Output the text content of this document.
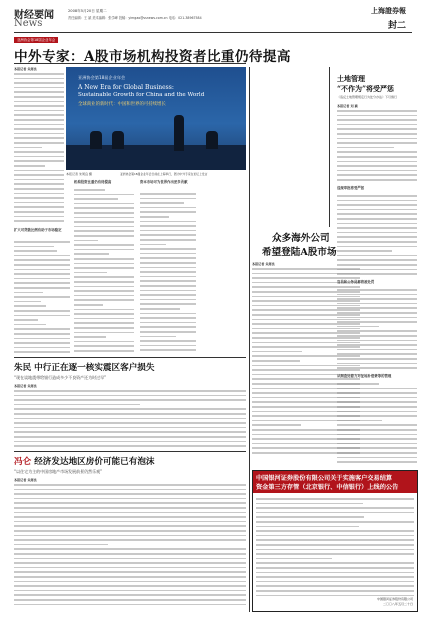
财经要闻
News
2008年5月20日 星期二
责任编辑：王 斌 美术编辑：张学峰 投稿：yimgao@ssnews.com.cn 电话：021-38967584
上海證券報
封二
亚洲协会第18届企业年会
中外专家：A股市场机构投资者比重仍待提高
本报记者 朱周良
亚洲协会第18届企业年会
A New Era for Global Business:
Sustainable Growth for China and the World
全球商业的新时代：中国和世界的可持续增长
本报记者 朱周良 摄	亚洲协会第18届企业年会日前在上海举行，图为中外专家在论坛上发言
扩大可贷款比例有助于市场稳定
机构投资比重仍有待提高	资本市场可为世界作出更多贡献
朱民 中行正在逐一核实震区客户损失
“现在谈地震带给银行造成多少不良资产还为时过早”
本报记者 朱周良
冯仑 经济发达地区房价可能已有泡沫
“以住宅为主的中国房地产市场发展前景仍然乐观”
本报记者 朱周良
众多海外公司
希望登陆A股市场
本报记者 朱周良
土地管理
“不作为”将受严惩
《违反土地管理规定行为处分办法》下月施行
本报记者 刘 颖
违规审批将受严惩
官员和公务员都将被处罚
从细查处着力对征地补偿费等的管理
中国银河证券股份有限公司关于实施客户交易结算
资金第三方存管（北京银行、中信银行）上线的公告
中国银河证券股份有限公司
二〇〇八年五月二十日
